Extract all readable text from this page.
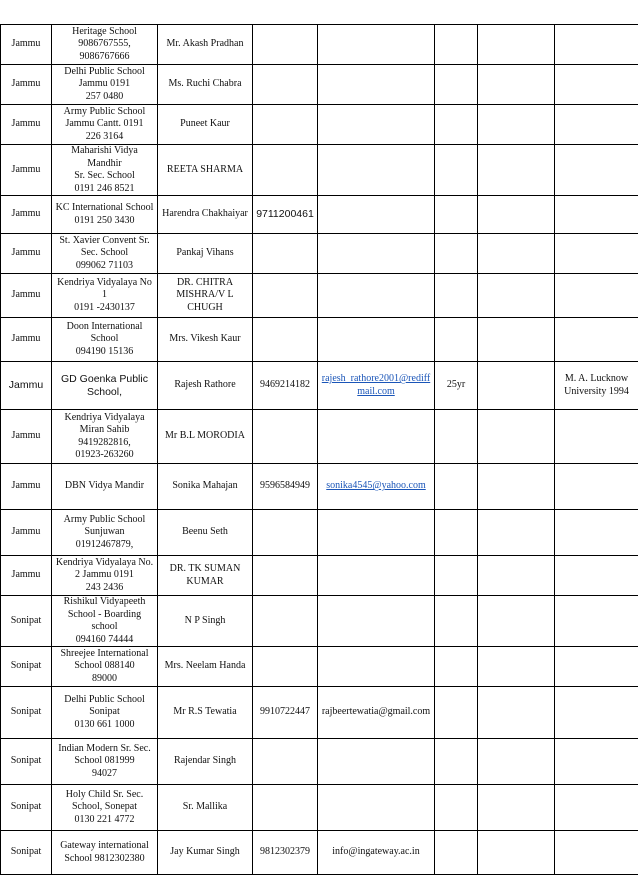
Jammu	Heritage School
9086767555,
9086767666	Mr. Akash Pradhan					
Jammu	Delhi Public School
Jammu 0191
257 0480	Ms. Ruchi Chabra					
Jammu	Army Public School
Jammu Cantt. 0191
226 3164	Puneet Kaur					
Jammu	Maharishi Vidya Mandhir
Sr. Sec. School
0191 246 8521	REETA SHARMA					
Jammu	KC International School
0191 250 3430	Harendra Chakhaiyar	9711200461				
Jammu	St. Xavier Convent Sr.
Sec. School
099062 71103	Pankaj Vihans					
Jammu	Kendriya Vidyalaya No 1
0191 -2430137	DR. CHITRA
MISHRA/V L
CHUGH					
Jammu	Doon International
School
094190 15136	Mrs. Vikesh Kaur					
Jammu	GD Goenka Public
School,	Rajesh Rathore	9469214182	rajesh_rathore2001@rediff
mail.com	25yr		M. A. Lucknow
University 1994
Jammu	Kendriya Vidyalaya
Miran Sahib
9419282816,
01923-263260	Mr B.L MORODIA					
Jammu	DBN Vidya Mandir	Sonika Mahajan	9596584949	sonika4545@yahoo.com			
Jammu	Army Public School
Sunjuwan
01912467879,	Beenu Seth					
Jammu	Kendriya Vidyalaya No.
2 Jammu 0191
243 2436	DR. TK SUMAN
KUMAR					
Sonipat	Rishikul Vidyapeeth
School - Boarding school
094160 74444	N P Singh					
Sonipat	Shreejee International
School 088140
89000	Mrs. Neelam Handa					
Sonipat	Delhi Public School
Sonipat
0130 661 1000	Mr R.S Tewatia	9910722447	rajbeertewatia@gmail.com			
Sonipat	Indian Modern Sr. Sec.
School 081999
94027	Rajendar Singh					
Sonipat	Holy Child Sr. Sec.
School, Sonepat
0130 221 4772	Sr. Mallika					
Sonipat	Gateway international
School 9812302380	Jay Kumar Singh	9812302379	info@ingateway.ac.in			
